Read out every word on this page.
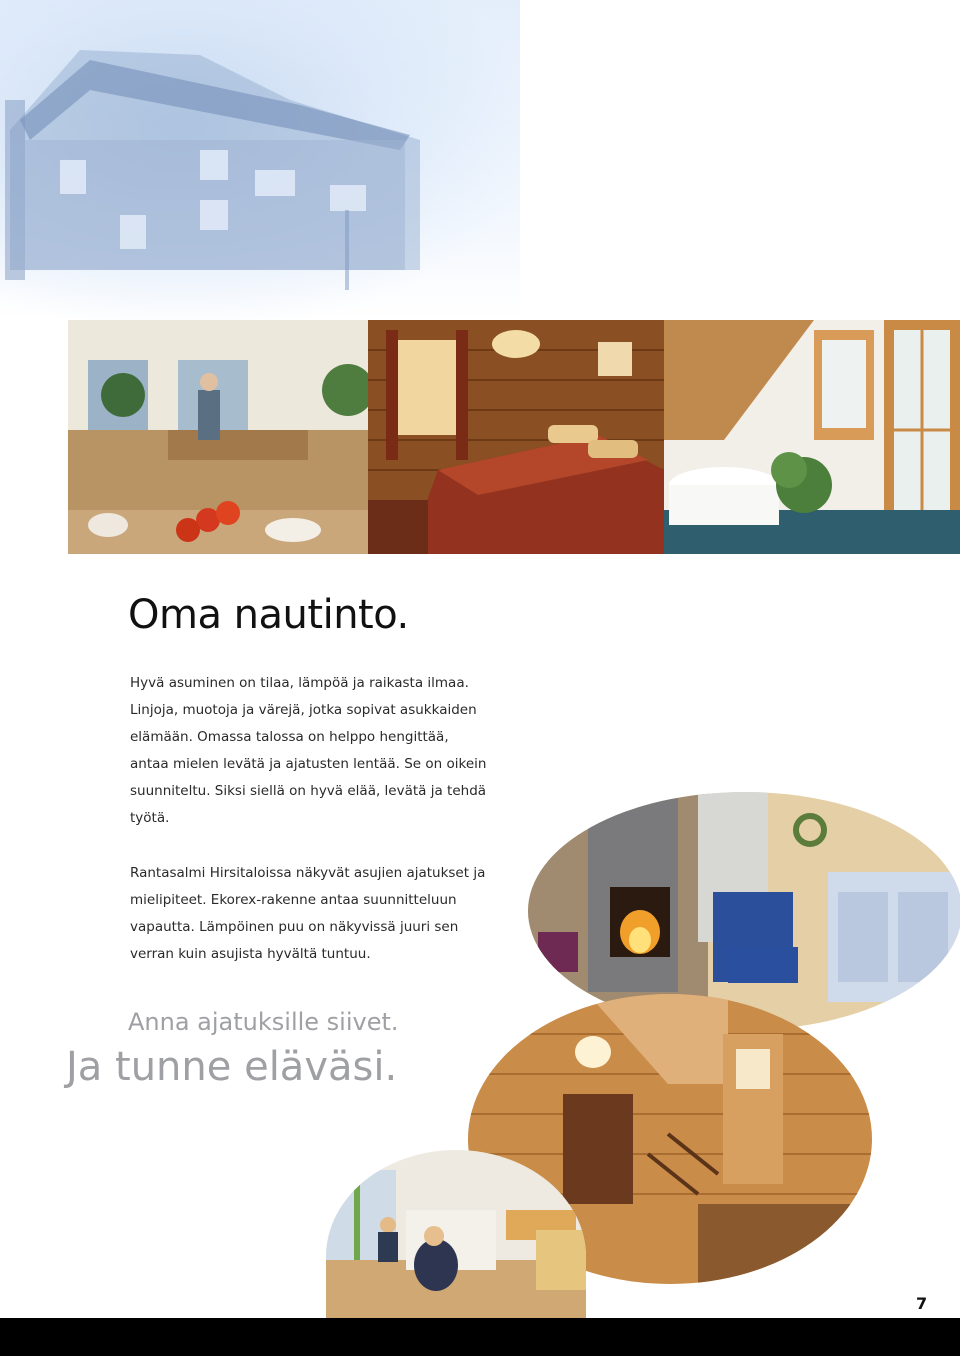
Oma nautinto.

Hyvä asuminen on tilaa, lämpöä ja raikasta ilmaa. Linjoja, muotoja ja värejä, jotka sopivat asukkaiden elämään. Omassa talossa on helppo hengittää, antaa mielen levätä ja ajatusten lentää. Se on oikein suunniteltu. Siksi siellä on hyvä elää, levätä ja tehdä työtä.

Rantasalmi Hirsitaloissa näkyvät asujien ajatukset ja mielipiteet. Ekorex-rakenne antaa suunnitteluun vapautta. Lämpöinen puu on näkyvissä juuri sen verran kuin asujista hyvältä tuntuu.

Anna ajatuksille siivet.
Ja tunne eläväsi.
7
